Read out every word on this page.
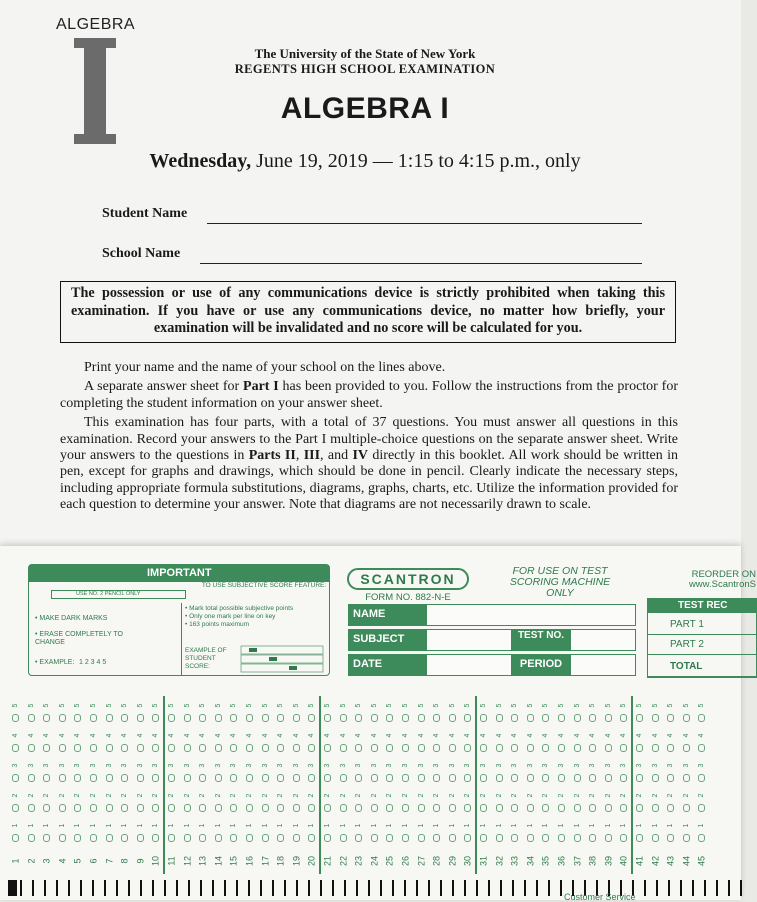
ALGEBRA
The University of the State of New York
REGENTS HIGH SCHOOL EXAMINATION
ALGEBRA I
Wednesday, June 19, 2019 — 1:15 to 4:15 p.m., only
Student Name
School Name
The possession or use of any communications device is strictly prohibited when taking this examination. If you have or use any communications device, no matter how briefly, your examination will be invalidated and no score will be calculated for you.

Print your name and the name of your school on the lines above.

A separate answer sheet for Part I has been provided to you. Follow the instructions from the proctor for completing the student information on your answer sheet.

This examination has four parts, with a total of 37 questions. You must answer all questions in this examination. Record your answers to the Part I multiple-choice questions on the separate answer sheet. Write your answers to the questions in Parts II, III, and IV directly in this booklet. All work should be written in pen, except for graphs and drawings, which should be done in pencil. Clearly indicate the necessary steps, including appropriate formula substitutions, diagrams, graphs, charts, etc. Utilize the information provided for each question to determine your answer. Note that diagrams are not necessarily drawn to scale.

IMPORTANT
TO USE SUBJECTIVE SCORE FEATURE:
USE NO. 2 PENCIL ONLY
• MAKE DARK MARKS
• ERASE COMPLETELY TO CHANGE
• EXAMPLE: 1 2 3 4 5
• Mark total possible subjective points
• Only one mark per line on key
• 163 points maximum
EXAMPLE OF STUDENT SCORE:
SCANTRON
FORM NO. 882-N-E
FOR USE ON TEST SCORING MACHINE ONLY
NAME
SUBJECT	TEST NO.
DATE	PERIOD
REORDER ON www.ScantronS
TEST REC
PART 1
PART 2
TOTAL
5
4
3
2
1
1
5
4
3
2
1
2
5
4
3
2
1
3
5
4
3
2
1
4
5
4
3
2
1
5
5
4
3
2
1
6
5
4
3
2
1
7
5
4
3
2
1
8
5
4
3
2
1
9
5
4
3
2
1
10
5
4
3
2
1
11
5
4
3
2
1
12
5
4
3
2
1
13
5
4
3
2
1
14
5
4
3
2
1
15
5
4
3
2
1
16
5
4
3
2
1
17
5
4
3
2
1
18
5
4
3
2
1
19
5
4
3
2
1
20
5
4
3
2
1
21
5
4
3
2
1
22
5
4
3
2
1
23
5
4
3
2
1
24
5
4
3
2
1
25
5
4
3
2
1
26
5
4
3
2
1
27
5
4
3
2
1
28
5
4
3
2
1
29
5
4
3
2
1
30
5
4
3
2
1
31
5
4
3
2
1
32
5
4
3
2
1
33
5
4
3
2
1
34
5
4
3
2
1
35
5
4
3
2
1
36
5
4
3
2
1
37
5
4
3
2
1
38
5
4
3
2
1
39
5
4
3
2
1
40
5
4
3
2
1
41
5
4
3
2
1
42
5
4
3
2
1
43
5
4
3
2
1
44
5
4
3
2
1
45
Customer Service
